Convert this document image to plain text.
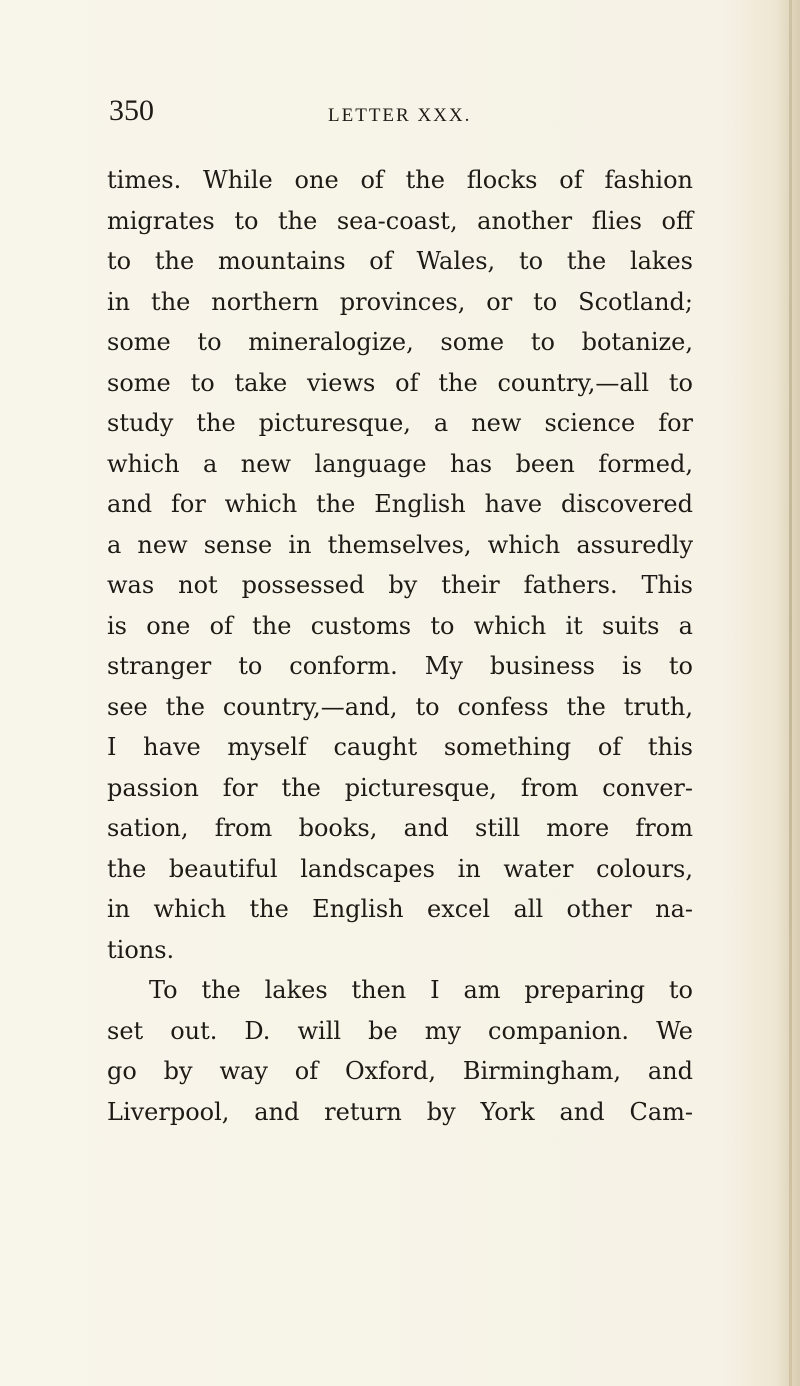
350	LETTER XXX.
times. While one of the flocks of fashion
migrates to the sea-coast, another flies off
to the mountains of Wales, to the lakes
in the northern provinces, or to Scotland;
some to mineralogize, some to botanize,
some to take views of the country,—all to
study the picturesque, a new science for
which a new language has been formed,
and for which the English have discovered
a new sense in themselves, which assuredly
was not possessed by their fathers. This
is one of the customs to which it suits a
stranger to conform. My business is to
see the country,—and, to confess the truth,
I have myself caught something of this
passion for the picturesque, from conver-
sation, from books, and still more from
the beautiful landscapes in water colours,
in which the English excel all other na-
tions.
To the lakes then I am preparing to
set out. D. will be my companion. We
go by way of Oxford, Birmingham, and
Liverpool, and return by York and Cam-
